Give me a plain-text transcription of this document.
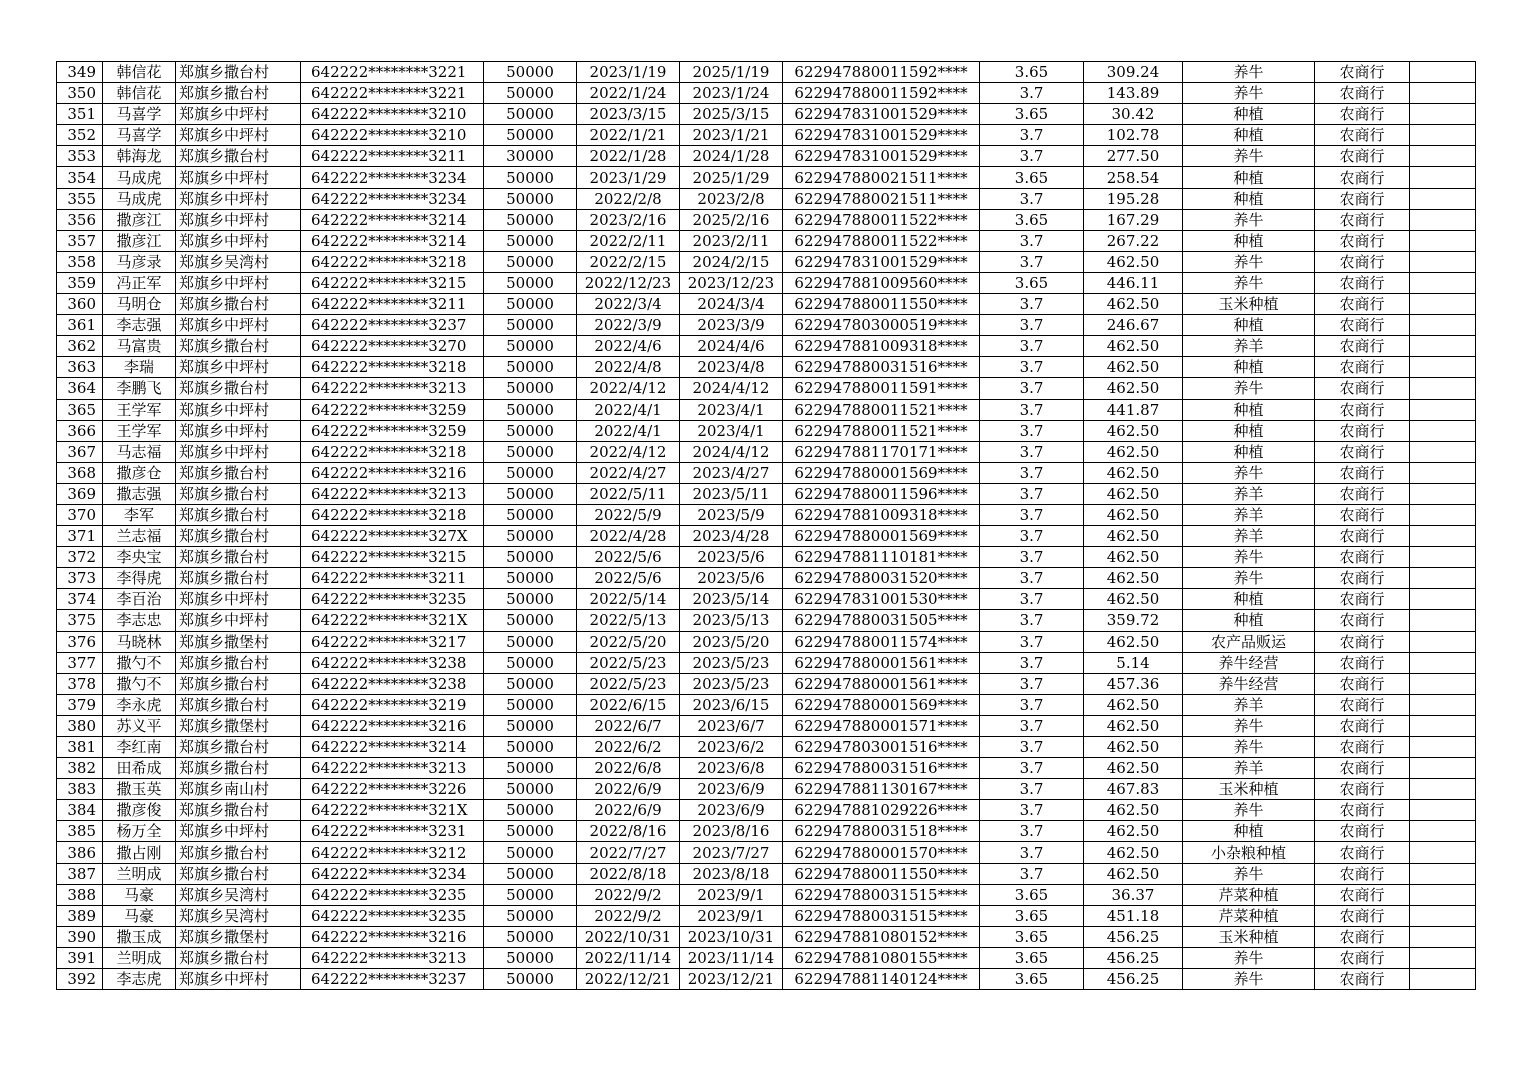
349	韩信花	郑旗乡撒台村	642222********3221	50000	2023/1/19	2025/1/19	622947880011592****	3.65	309.24	养牛	农商行	
350	韩信花	郑旗乡撒台村	642222********3221	50000	2022/1/24	2023/1/24	622947880011592****	3.7	143.89	养牛	农商行	
351	马喜学	郑旗乡中坪村	642222********3210	50000	2023/3/15	2025/3/15	622947831001529****	3.65	30.42	种植	农商行	
352	马喜学	郑旗乡中坪村	642222********3210	50000	2022/1/21	2023/1/21	622947831001529****	3.7	102.78	种植	农商行	
353	韩海龙	郑旗乡撒台村	642222********3211	30000	2022/1/28	2024/1/28	622947831001529****	3.7	277.50	养牛	农商行	
354	马成虎	郑旗乡中坪村	642222********3234	50000	2023/1/29	2025/1/29	622947880021511****	3.65	258.54	种植	农商行	
355	马成虎	郑旗乡中坪村	642222********3234	50000	2022/2/8	2023/2/8	622947880021511****	3.7	195.28	种植	农商行	
356	撒彦江	郑旗乡中坪村	642222********3214	50000	2023/2/16	2025/2/16	622947880011522****	3.65	167.29	养牛	农商行	
357	撒彦江	郑旗乡中坪村	642222********3214	50000	2022/2/11	2023/2/11	622947880011522****	3.7	267.22	种植	农商行	
358	马彦录	郑旗乡吴湾村	642222********3218	50000	2022/2/15	2024/2/15	622947831001529****	3.7	462.50	养牛	农商行	
359	冯正军	郑旗乡中坪村	642222********3215	50000	2022/12/23	2023/12/23	622947881009560****	3.65	446.11	养牛	农商行	
360	马明仓	郑旗乡撒台村	642222********3211	50000	2022/3/4	2024/3/4	622947880011550****	3.7	462.50	玉米种植	农商行	
361	李志强	郑旗乡中坪村	642222********3237	50000	2022/3/9	2023/3/9	622947803000519****	3.7	246.67	种植	农商行	
362	马富贵	郑旗乡撒台村	642222********3270	50000	2022/4/6	2024/4/6	622947881009318****	3.7	462.50	养羊	农商行	
363	李瑞	郑旗乡中坪村	642222********3218	50000	2022/4/8	2023/4/8	622947880031516****	3.7	462.50	种植	农商行	
364	李鹏飞	郑旗乡撒台村	642222********3213	50000	2022/4/12	2024/4/12	622947880011591****	3.7	462.50	养牛	农商行	
365	王学军	郑旗乡中坪村	642222********3259	50000	2022/4/1	2023/4/1	622947880011521****	3.7	441.87	种植	农商行	
366	王学军	郑旗乡中坪村	642222********3259	50000	2022/4/1	2023/4/1	622947880011521****	3.7	462.50	种植	农商行	
367	马志福	郑旗乡中坪村	642222********3218	50000	2022/4/12	2024/4/12	622947881170171****	3.7	462.50	种植	农商行	
368	撒彦仓	郑旗乡撒台村	642222********3216	50000	2022/4/27	2023/4/27	622947880001569****	3.7	462.50	养牛	农商行	
369	撒志强	郑旗乡撒台村	642222********3213	50000	2022/5/11	2023/5/11	622947880011596****	3.7	462.50	养羊	农商行	
370	李军	郑旗乡撒台村	642222********3218	50000	2022/5/9	2023/5/9	622947881009318****	3.7	462.50	养羊	农商行	
371	兰志福	郑旗乡撒台村	642222********327X	50000	2022/4/28	2023/4/28	622947880001569****	3.7	462.50	养羊	农商行	
372	李央宝	郑旗乡撒台村	642222********3215	50000	2022/5/6	2023/5/6	622947881110181****	3.7	462.50	养牛	农商行	
373	李得虎	郑旗乡撒台村	642222********3211	50000	2022/5/6	2023/5/6	622947880031520****	3.7	462.50	养牛	农商行	
374	李百治	郑旗乡中坪村	642222********3235	50000	2022/5/14	2023/5/14	622947831001530****	3.7	462.50	种植	农商行	
375	李志忠	郑旗乡中坪村	642222********321X	50000	2022/5/13	2023/5/13	622947880031505****	3.7	359.72	种植	农商行	
376	马晓林	郑旗乡撒堡村	642222********3217	50000	2022/5/20	2023/5/20	622947880011574****	3.7	462.50	农产品贩运	农商行	
377	撒勺不	郑旗乡撒台村	642222********3238	50000	2022/5/23	2023/5/23	622947880001561****	3.7	5.14	养牛经营	农商行	
378	撒勺不	郑旗乡撒台村	642222********3238	50000	2022/5/23	2023/5/23	622947880001561****	3.7	457.36	养牛经营	农商行	
379	李永虎	郑旗乡撒台村	642222********3219	50000	2022/6/15	2023/6/15	622947880001569****	3.7	462.50	养羊	农商行	
380	苏义平	郑旗乡撒堡村	642222********3216	50000	2022/6/7	2023/6/7	622947880001571****	3.7	462.50	养牛	农商行	
381	李红南	郑旗乡撒台村	642222********3214	50000	2022/6/2	2023/6/2	622947803001516****	3.7	462.50	养牛	农商行	
382	田希成	郑旗乡撒台村	642222********3213	50000	2022/6/8	2023/6/8	622947880031516****	3.7	462.50	养羊	农商行	
383	撒玉英	郑旗乡南山村	642222********3226	50000	2022/6/9	2023/6/9	622947881130167****	3.7	467.83	玉米种植	农商行	
384	撒彦俊	郑旗乡撒台村	642222********321X	50000	2022/6/9	2023/6/9	622947881029226****	3.7	462.50	养牛	农商行	
385	杨万全	郑旗乡中坪村	642222********3231	50000	2022/8/16	2023/8/16	622947880031518****	3.7	462.50	种植	农商行	
386	撒占刚	郑旗乡撒台村	642222********3212	50000	2022/7/27	2023/7/27	622947880001570****	3.7	462.50	小杂粮种植	农商行	
387	兰明成	郑旗乡撒台村	642222********3234	50000	2022/8/18	2023/8/18	622947880011550****	3.7	462.50	养牛	农商行	
388	马豪	郑旗乡吴湾村	642222********3235	50000	2022/9/2	2023/9/1	622947880031515****	3.65	36.37	芹菜种植	农商行	
389	马豪	郑旗乡吴湾村	642222********3235	50000	2022/9/2	2023/9/1	622947880031515****	3.65	451.18	芹菜种植	农商行	
390	撒玉成	郑旗乡撒堡村	642222********3216	50000	2022/10/31	2023/10/31	622947881080152****	3.65	456.25	玉米种植	农商行	
391	兰明成	郑旗乡撒台村	642222********3213	50000	2022/11/14	2023/11/14	622947881080155****	3.65	456.25	养牛	农商行	
392	李志虎	郑旗乡中坪村	642222********3237	50000	2022/12/21	2023/12/21	622947881140124****	3.65	456.25	养牛	农商行	
